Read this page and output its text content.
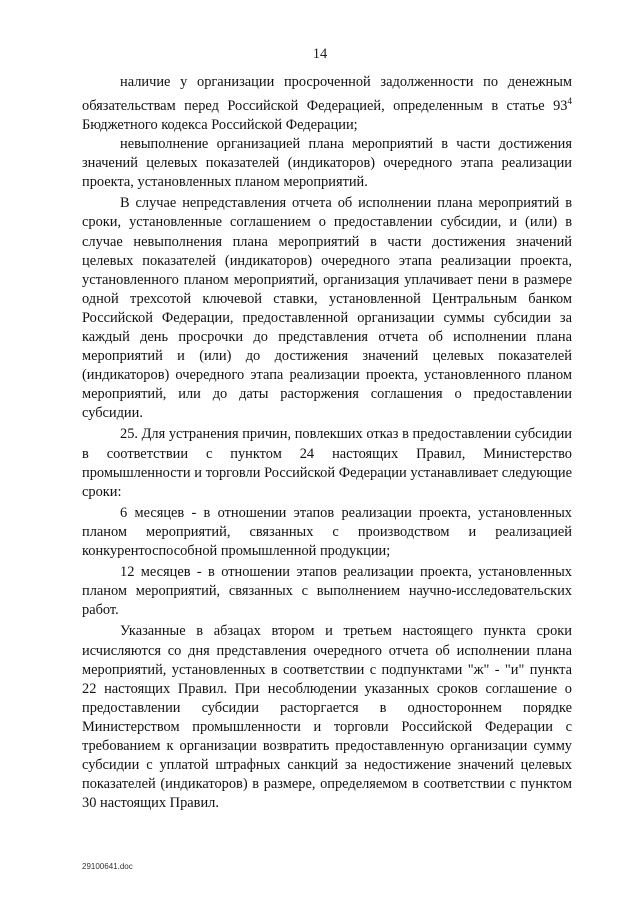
14

наличие у организации просроченной задолженности по денежным обязательствам перед Российской Федерацией, определенным в статье $93^4$ Бюджетного кодекса Российской Федерации;

невыполнение организацией плана мероприятий в части достижения значений целевых показателей (индикаторов) очередного этапа реализации проекта, установленных планом мероприятий.

В случае непредставления отчета об исполнении плана мероприятий в сроки, установленные соглашением о предоставлении субсидии, и (или) в случае невыполнения плана мероприятий в части достижения значений целевых показателей (индикаторов) очередного этапа реализации проекта, установленного планом мероприятий, организация уплачивает пени в размере одной трехсотой ключевой ставки, установленной Центральным банком Российской Федерации, предоставленной организации суммы субсидии за каждый день просрочки до представления отчета об исполнении плана мероприятий и (или) до достижения значений целевых показателей (индикаторов) очередного этапа реализации проекта, установленного планом мероприятий, или до даты расторжения соглашения о предоставлении субсидии.

25. Для устранения причин, повлекших отказ в предоставлении субсидии в соответствии с пунктом 24 настоящих Правил, Министерство промышленности и торговли Российской Федерации устанавливает следующие сроки:

6 месяцев - в отношении этапов реализации проекта, установленных планом мероприятий, связанных с производством и реализацией конкурентоспособной промышленной продукции;

12 месяцев - в отношении этапов реализации проекта, установленных планом мероприятий, связанных с выполнением научно-исследовательских работ.

Указанные в абзацах втором и третьем настоящего пункта сроки исчисляются со дня представления очередного отчета об исполнении плана мероприятий, установленных в соответствии с подпунктами "ж" - "и" пункта 22 настоящих Правил. При несоблюдении указанных сроков соглашение о предоставлении субсидии расторгается в одностороннем порядке Министерством промышленности и торговли Российской Федерации с требованием к организации возвратить предоставленную организации сумму субсидии с уплатой штрафных санкций за недостижение значений целевых показателей (индикаторов) в размере, определяемом в соответствии с пунктом 30 настоящих Правил.

29100641.doc
